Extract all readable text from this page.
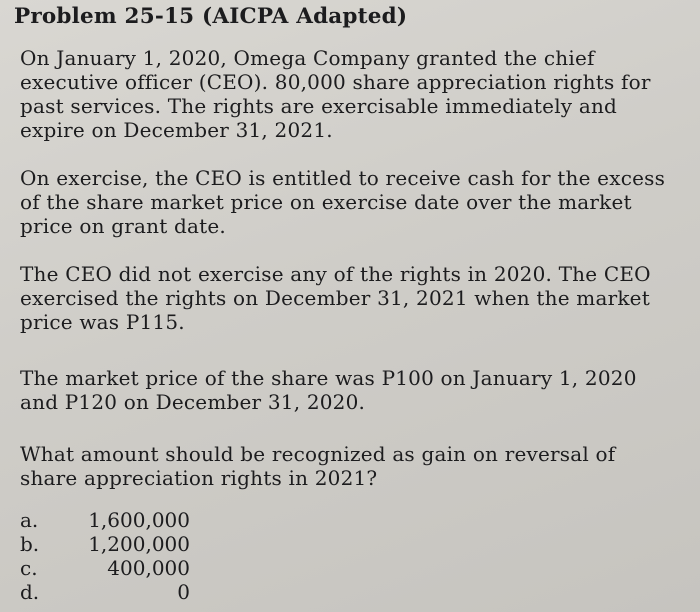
Problem 25-15 (AICPA Adapted)
On January 1, 2020, Omega Company granted the chief
executive officer (CEO). 80,000 share appreciation rights for
past services. The rights are exercisable immediately and
expire on December 31, 2021.
On exercise, the CEO is entitled to receive cash for the excess
of the share market price on exercise date over the market
price on grant date.
The CEO did not exercise any of the rights in 2020. The CEO
exercised the rights on December 31, 2021 when the market
price was P115.
The market price of the share was P100 on January 1, 2020
and P120 on December 31, 2020.
What amount should be recognized as gain on reversal of
share appreciation rights in 2021?
a.	1,600,000
b.	1,200,000
c.	400,000
d.	0
